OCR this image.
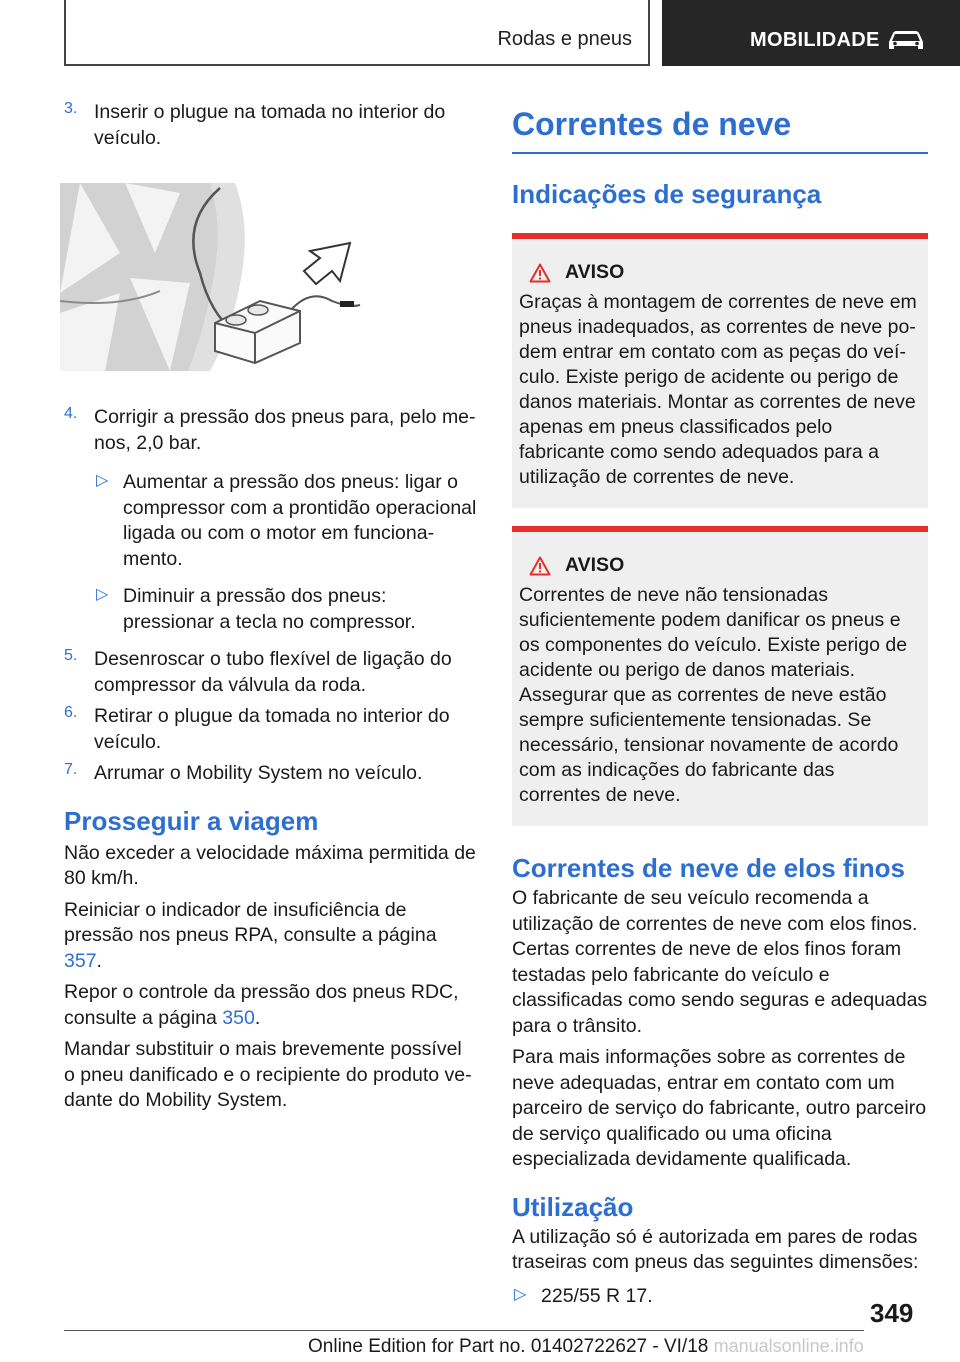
Rodas e pneus	MOBILIDADE
3. Inserir o plugue na tomada no interior do veículo.

4. Corrigir a pressão dos pneus para, pelo menos, 2,0 bar.

▷ Aumentar a pressão dos pneus: ligar o compressor com a prontidão operacional ligada ou com o motor em funcionamento.

▷ Diminuir a pressão dos pneus: pressionar a tecla no compressor.

5. Desenroscar o tubo flexível de ligação do compressor da válvula da roda.

6. Retirar o plugue da tomada no interior do veículo.

7. Arrumar o Mobility System no veículo.

Prosseguir a viagem

Não exceder a velocidade máxima permitida de 80 km/h.

Reiniciar o indicador de insuficiência de pressão nos pneus RPA, consulte a página 357.

Repor o controle da pressão dos pneus RDC, consulte a página 350.

Mandar substituir o mais brevemente possível o pneu danificado e o recipiente do produto vedante do Mobility System.

Correntes de neve
Indicações de segurança
AVISO

Graças à montagem de correntes de neve em pneus inadequados, as correntes de neve podem entrar em contato com as peças do veículo. Existe perigo de acidente ou perigo de danos materiais. Montar as correntes de neve apenas em pneus classificados pelo fabricante como sendo adequados para a utilização de correntes de neve.

AVISO

Correntes de neve não tensionadas suficientemente podem danificar os pneus e os componentes do veículo. Existe perigo de acidente ou perigo de danos materiais. Assegurar que as correntes de neve estão sempre suficientemente tensionadas. Se necessário, tensionar novamente de acordo com as indicações do fabricante das correntes de neve.

Correntes de neve de elos finos

O fabricante de seu veículo recomenda a utilização de correntes de neve com elos finos. Certas correntes de neve de elos finos foram testadas pelo fabricante do veículo e classificadas como sendo seguras e adequadas para o trânsito.

Para mais informações sobre as correntes de neve adequadas, entrar em contato com um parceiro de serviço do fabricante, outro parceiro de serviço qualificado ou uma oficina especializada devidamente qualificada.

Utilização

A utilização só é autorizada em pares de rodas traseiras com pneus das seguintes dimensões:

▷ 225/55 R 17.

349
Online Edition for Part no. 01402722627 - VI/18 manualsonline.info
